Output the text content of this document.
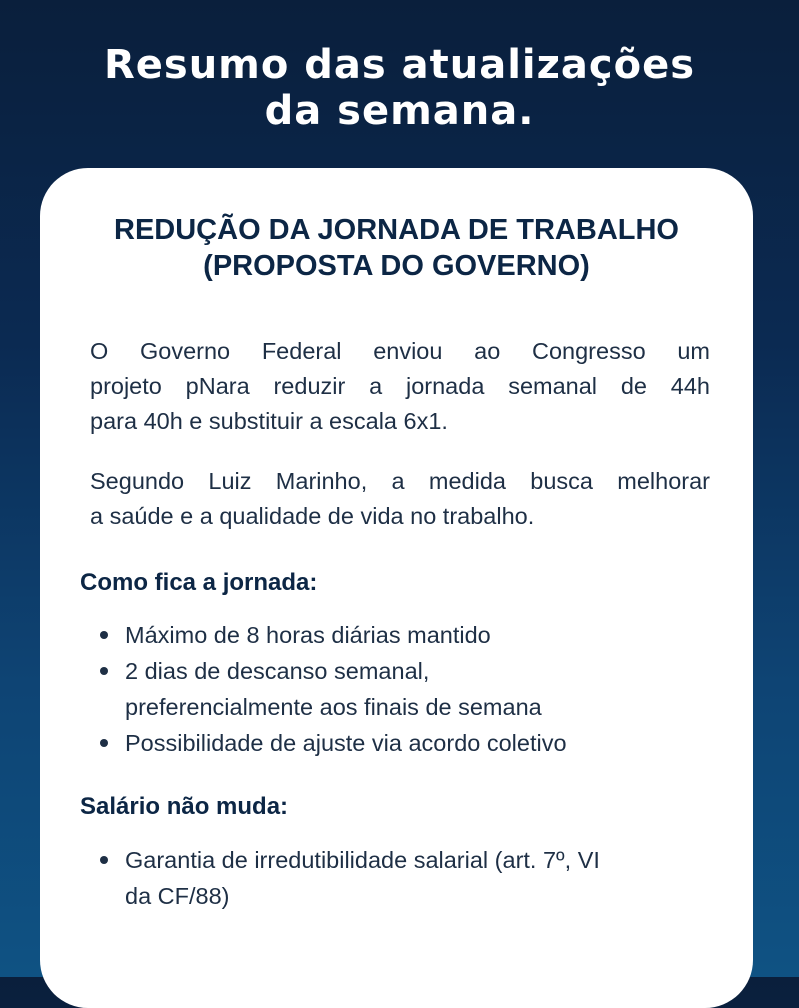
Resumo das atualizações
da semana.
REDUÇÃO DA JORNADA DE TRABALHO
(PROPOSTA DO GOVERNO)

O Governo Federal enviou ao Congresso um
projeto pNara reduzir a jornada semanal de 44h
para 40h e substituir a escala 6x1.

Segundo Luiz Marinho, a medida busca melhorar
a saúde e a qualidade de vida no trabalho.

Como fica a jornada:
Máximo de 8 horas diárias mantido
2 dias de descanso semanal,
preferencialmente aos finais de semana
Possibilidade de ajuste via acordo coletivo
Salário não muda:
Garantia de irredutibilidade salarial (art. 7º, VI
da CF/88)
